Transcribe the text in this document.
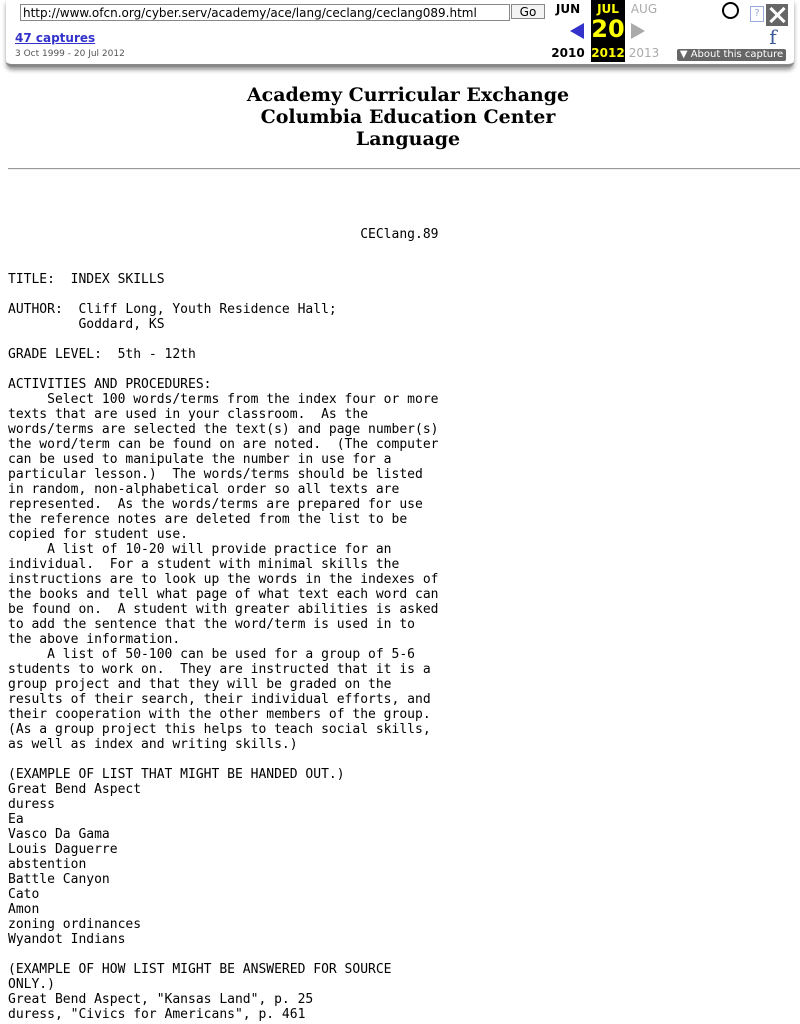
http://www.ofcn.org/cyber.serv/academy/ace/lang/ceclang/ceclang089.html
Go
47 captures
3 Oct 1999 - 20 Jul 2012
JUN	JUL AUG
20
2010 2012 2013
?
f
▼ About this capture
Academy Curricular Exchange
Columbia Education Center
Language
CEClang.89

TITLE:  INDEX SKILLS

AUTHOR:  Cliff Long, Youth Residence Hall;
Goddard, KS

GRADE LEVEL:  5th - 12th

ACTIVITIES AND PROCEDURES:
Select 100 words/terms from the index four or more
texts that are used in your classroom.  As the
words/terms are selected the text(s) and page number(s)
the word/term can be found on are noted.  (The computer
can be used to manipulate the number in use for a
particular lesson.)  The words/terms should be listed
in random, non-alphabetical order so all texts are
represented.  As the words/terms are prepared for use
the reference notes are deleted from the list to be
copied for student use.
A list of 10-20 will provide practice for an
individual.  For a student with minimal skills the
instructions are to look up the words in the indexes of
the books and tell what page of what text each word can
be found on.  A student with greater abilities is asked
to add the sentence that the word/term is used in to
the above information.
A list of 50-100 can be used for a group of 5-6
students to work on.  They are instructed that it is a
group project and that they will be graded on the
results of their search, their individual efforts, and
their cooperation with the other members of the group.
(As a group project this helps to teach social skills,
as well as index and writing skills.)

(EXAMPLE OF LIST THAT MIGHT BE HANDED OUT.)
Great Bend Aspect
duress
Ea
Vasco Da Gama
Louis Daguerre
abstention
Battle Canyon
Cato
Amon
zoning ordinances
Wyandot Indians

(EXAMPLE OF HOW LIST MIGHT BE ANSWERED FOR SOURCE
ONLY.)
Great Bend Aspect, "Kansas Land", p. 25
duress, "Civics for Americans", p. 461
